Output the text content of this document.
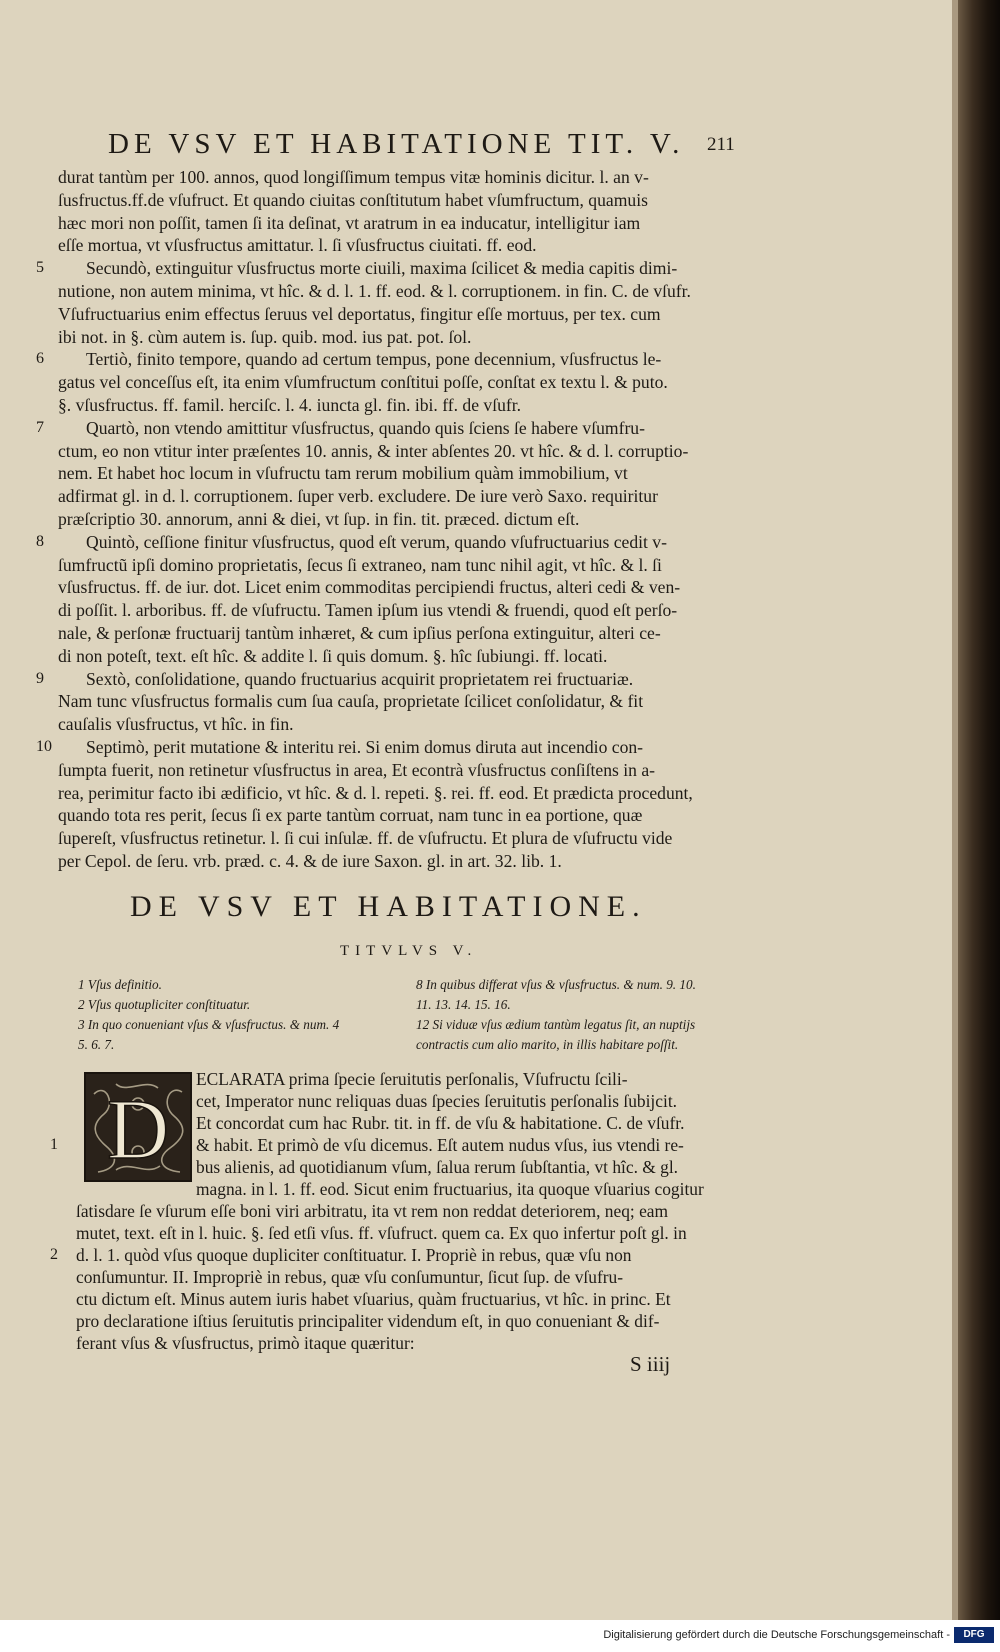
DE VSV ET HABITATIONE TIT. V. 211
durat tantùm per 100. annos, quod longiſſimum tempus vitæ hominis dicitur. l. an v-
ſusfructus.ff.de vſufruct. Et quando ciuitas conſtitutum habet vſumfructum, quamuis
hæc mori non poſſit, tamen ſi ita deſinat, vt aratrum in ea inducatur, intelligitur iam
eſſe mortua, vt vſusfructus amittatur. l. ſi vſusfructus ciuitati. ff. eod.
5	Secundò, extinguitur vſusfructus morte ciuili, maxima ſcilicet & media capitis dimi-
nutione, non autem minima, vt hîc. & d. l. 1. ff. eod. & l. corruptionem. in fin. C. de vſufr.
Vſufructuarius enim effectus ſeruus vel deportatus, fingitur eſſe mortuus, per tex. cum
ibi not. in §. cùm autem is. ſup. quib. mod. ius pat. pot. ſol.
6	Tertiò, finito tempore, quando ad certum tempus, pone decennium, vſusfructus le-
gatus vel conceſſus eſt, ita enim vſumfructum conſtitui poſſe, conſtat ex textu l. & puto.
§. vſusfructus. ff. famil. herciſc. l. 4. iuncta gl. fin. ibi. ff. de vſufr.
7	Quartò, non vtendo amittitur vſusfructus, quando quis ſciens ſe habere vſumfru-
ctum, eo non vtitur inter præſentes 10. annis, & inter abſentes 20. vt hîc. & d. l. corruptio-
nem. Et habet hoc locum in vſufructu tam rerum mobilium quàm immobilium, vt
adfirmat gl. in d. l. corruptionem. ſuper verb. excludere. De iure verò Saxo. requiritur
præſcriptio 30. annorum, anni & diei, vt ſup. in fin. tit. præced. dictum eſt.
8	Quintò, ceſſione finitur vſusfructus, quod eſt verum, quando vſufructuarius cedit v-
ſumfructũ ipſi domino proprietatis, ſecus ſi extraneo, nam tunc nihil agit, vt hîc. & l. ſi
vſusfructus. ff. de iur. dot. Licet enim commoditas percipiendi fructus, alteri cedi & ven-
di poſſit. l. arboribus. ff. de vſufructu. Tamen ipſum ius vtendi & fruendi, quod eſt perſo-
nale, & perſonæ fructuarij tantùm inhæret, & cum ipſius perſona extinguitur, alteri ce-
di non poteſt, text. eſt hîc. & addite l. ſi quis domum. §. hîc ſubiungi. ff. locati.
9	Sextò, conſolidatione, quando fructuarius acquirit proprietatem rei fructuariæ.
Nam tunc vſusfructus formalis cum ſua cauſa, proprietate ſcilicet conſolidatur, & fit
cauſalis vſusfructus, vt hîc. in fin.
10	Septimò, perit mutatione & interitu rei. Si enim domus diruta aut incendio con-
ſumpta fuerit, non retinetur vſusfructus in area, Et econtrà vſusfructus conſiſtens in a-
rea, perimitur facto ibi ædificio, vt hîc. & d. l. repeti. §. rei. ff. eod. Et prædicta procedunt,
quando tota res perit, ſecus ſi ex parte tantùm corruat, nam tunc in ea portione, quæ
ſupereſt, vſusfructus retinetur. l. ſi cui inſulæ. ff. de vſufructu. Et plura de vſufructu vide
per Cepol. de ſeru. vrb. præd. c. 4. & de iure Saxon. gl. in art. 32. lib. 1.
DE VSV ET HABITATIONE.
TITVLVS V.
1 Vſus definitio.
2 Vſus quotupliciter conſtituatur.
3 In quo conueniant vſus & vſusfructus. & num. 4
5. 6. 7.
8 In quibus differat vſus & vſusfructus. & num. 9. 10.
11. 13. 14. 15. 16.
12 Si viduæ vſus ædium tantùm legatus ſit, an nuptijs
contractis cum alio marito, in illis habitare poſſit.
D
ECLARATA prima ſpecie ſeruitutis perſonalis, Vſufructu ſcili-
cet, Imperator nunc reliquas duas ſpecies ſeruitutis perſonalis ſubijcit.
Et concordat cum hac Rubr. tit. in ff. de vſu & habitatione. C. de vſufr.
1	& habit. Et primò de vſu dicemus. Eſt autem nudus vſus, ius vtendi re-
bus alienis, ad quotidianum vſum, ſalua rerum ſubſtantia, vt hîc. & gl.
magna. in l. 1. ff. eod. Sicut enim fructuarius, ita quoque vſuarius cogitur
ſatisdare ſe vſurum eſſe boni viri arbitratu, ita vt rem non reddat deteriorem, neq; eam
mutet, text. eſt in l. huic. §. ſed etſi vſus. ff. vſufruct. quem ca. Ex quo infertur poſt gl. in
2 d. l. 1. quòd vſus quoque dupliciter conſtituatur. I. Propriè in rebus, quæ vſu non
conſumuntur. II. Impropriè in rebus, quæ vſu conſumuntur, ſicut ſup. de vſufru-
ctu dictum eſt. Minus autem iuris habet vſuarius, quàm fructuarius, vt hîc. in princ. Et
pro declaratione iſtius ſeruitutis principaliter videndum eſt, in quo conueniant & dif-
ferant vſus & vſusfructus, primò itaque quæritur:
S iiij
Digitalisierung gefördert durch die Deutsche Forschungsgemeinschaft -	DFG
